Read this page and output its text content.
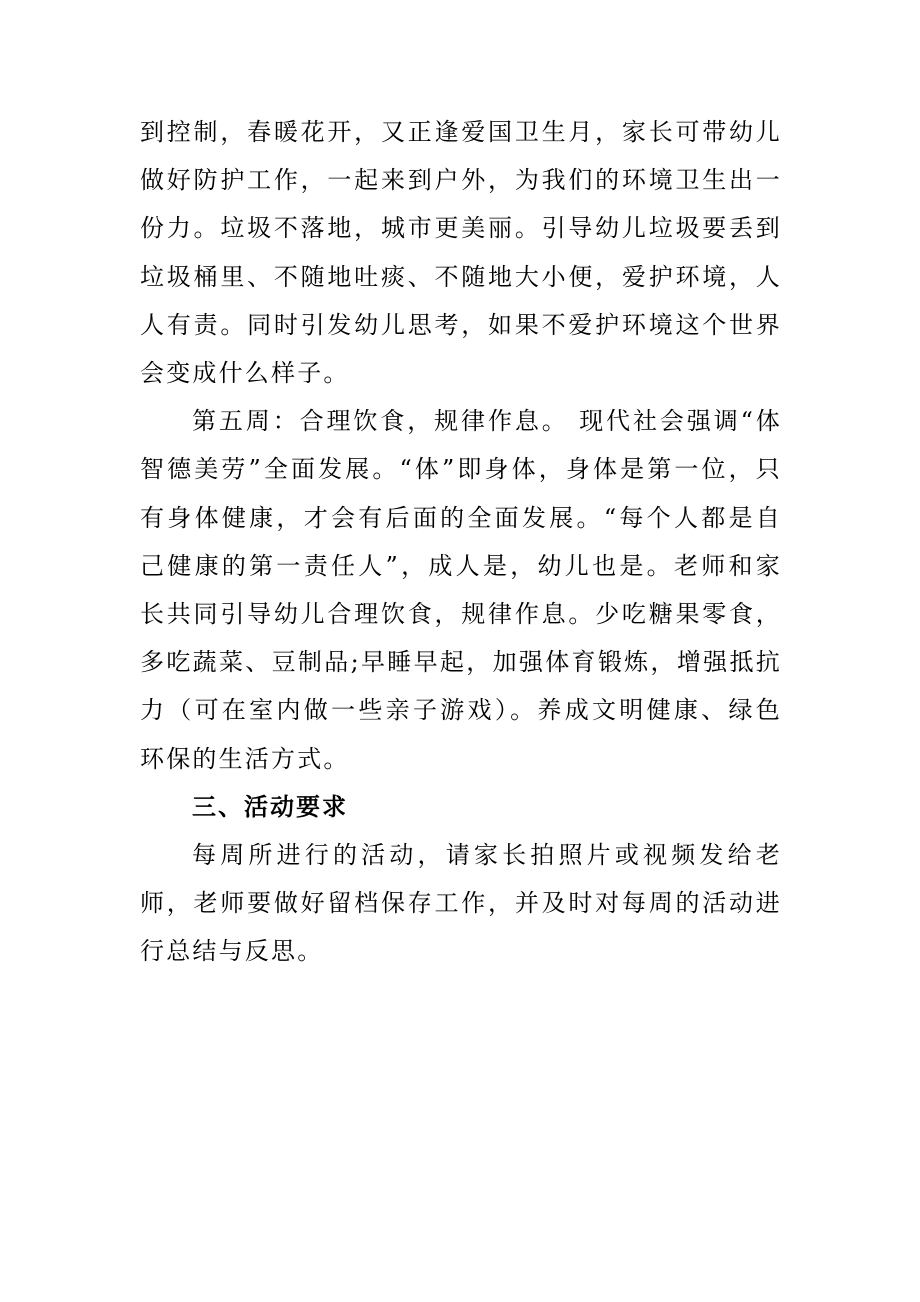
到控制，春暖花开，又正逢爱国卫生月，家长可带幼儿做好防护工作，一起来到户外，为我们的环境卫生出一份力。垃圾不落地，城市更美丽。引导幼儿垃圾要丢到垃圾桶里、不随地吐痰、不随地大小便，爱护环境，人人有责。同时引发幼儿思考，如果不爱护环境这个世界会变成什么样子。

第五周：合理饮食，规律作息。 现代社会强调“体智德美劳”全面发展。“体”即身体，身体是第一位，只有身体健康，才会有后面的全面发展。“每个人都是自己健康的第一责任人”，成人是，幼儿也是。老师和家长共同引导幼儿合理饮食，规律作息。少吃糖果零食，多吃蔬菜、豆制品;早睡早起，加强体育锻炼，增强抵抗力（可在室内做一些亲子游戏）。养成文明健康、绿色环保的生活方式。

三、活动要求

每周所进行的活动，请家长拍照片或视频发给老师，老师要做好留档保存工作，并及时对每周的活动进行总结与反思。
